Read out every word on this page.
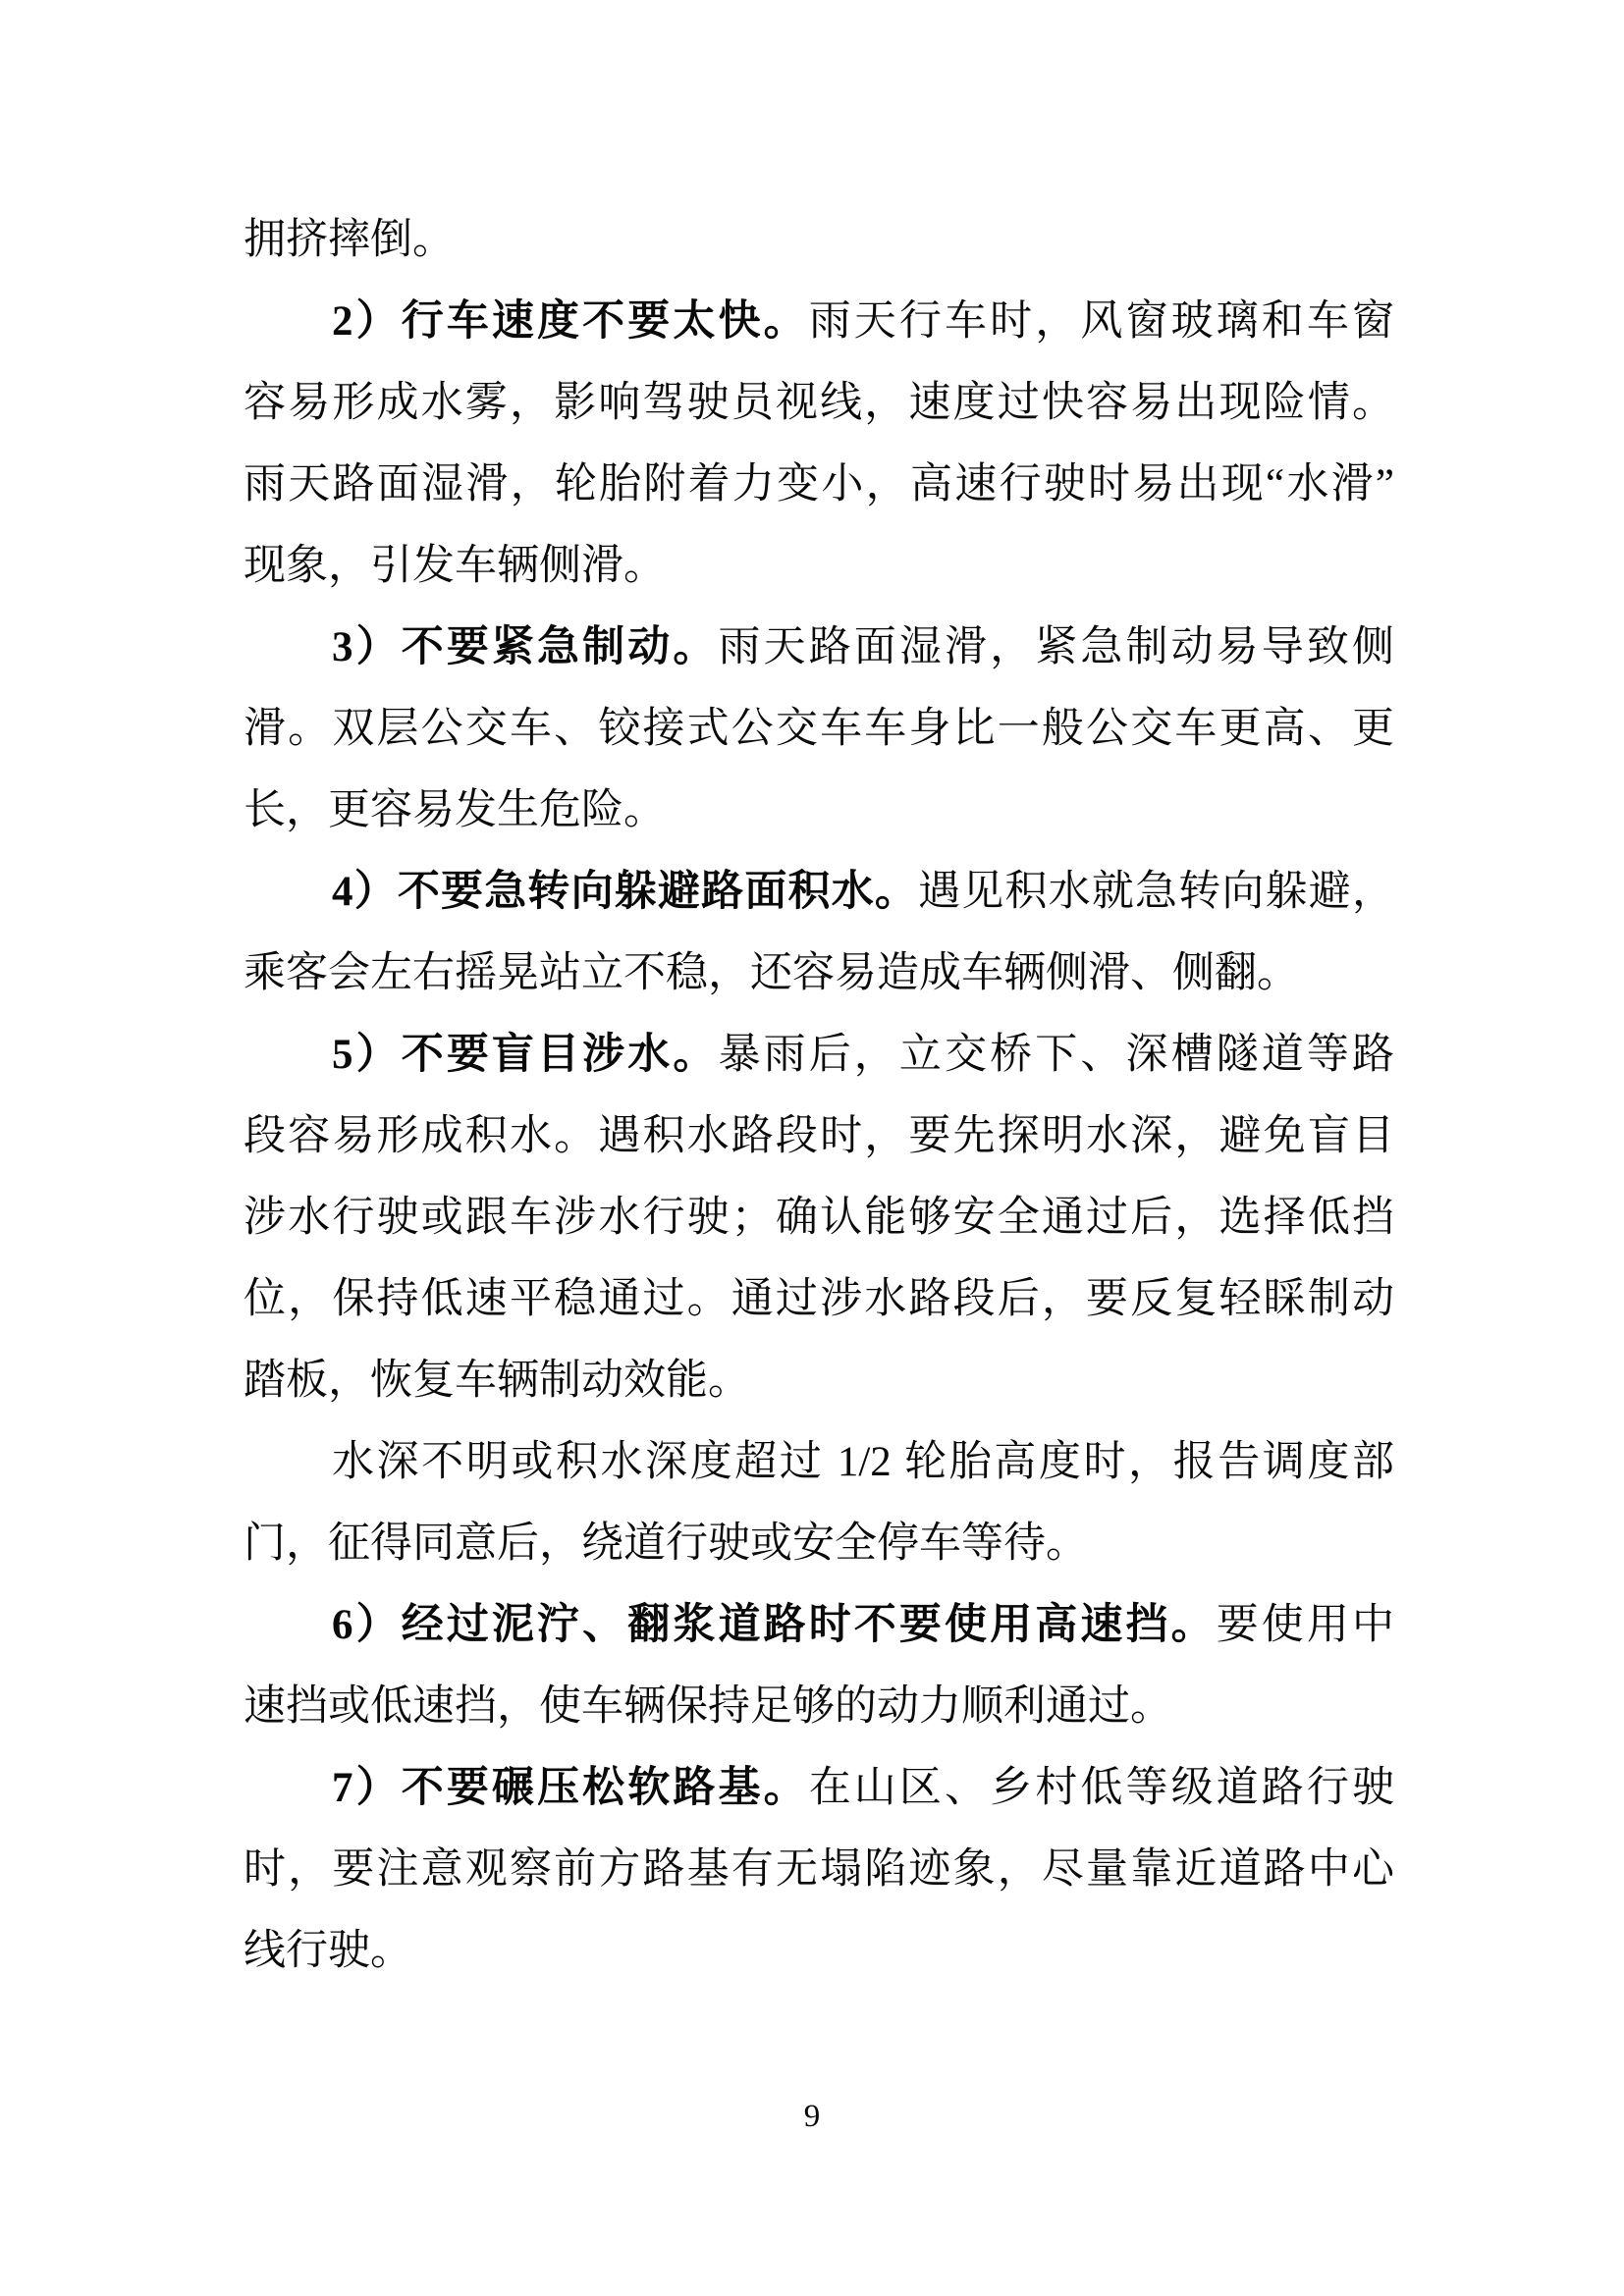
拥挤摔倒。
2）行车速度不要太快。雨天行车时，风窗玻璃和车窗
容易形成水雾，影响驾驶员视线，速度过快容易出现险情。
雨天路面湿滑，轮胎附着力变小，高速行驶时易出现“水滑”
现象，引发车辆侧滑。
3）不要紧急制动。雨天路面湿滑，紧急制动易导致侧
滑。双层公交车、铰接式公交车车身比一般公交车更高、更
长，更容易发生危险。
4）不要急转向躲避路面积水。遇见积水就急转向躲避，
乘客会左右摇晃站立不稳，还容易造成车辆侧滑、侧翻。
5）不要盲目涉水。暴雨后，立交桥下、深槽隧道等路
段容易形成积水。遇积水路段时，要先探明水深，避免盲目
涉水行驶或跟车涉水行驶；确认能够安全通过后，选择低挡
位，保持低速平稳通过。通过涉水路段后，要反复轻睬制动
踏板，恢复车辆制动效能。
水深不明或积水深度超过 1/2 轮胎高度时，报告调度部
门，征得同意后，绕道行驶或安全停车等待。
6）经过泥泞、翻浆道路时不要使用高速挡。要使用中
速挡或低速挡，使车辆保持足够的动力顺利通过。
7）不要碾压松软路基。在山区、乡村低等级道路行驶
时，要注意观察前方路基有无塌陷迹象，尽量靠近道路中心
线行驶。
9
